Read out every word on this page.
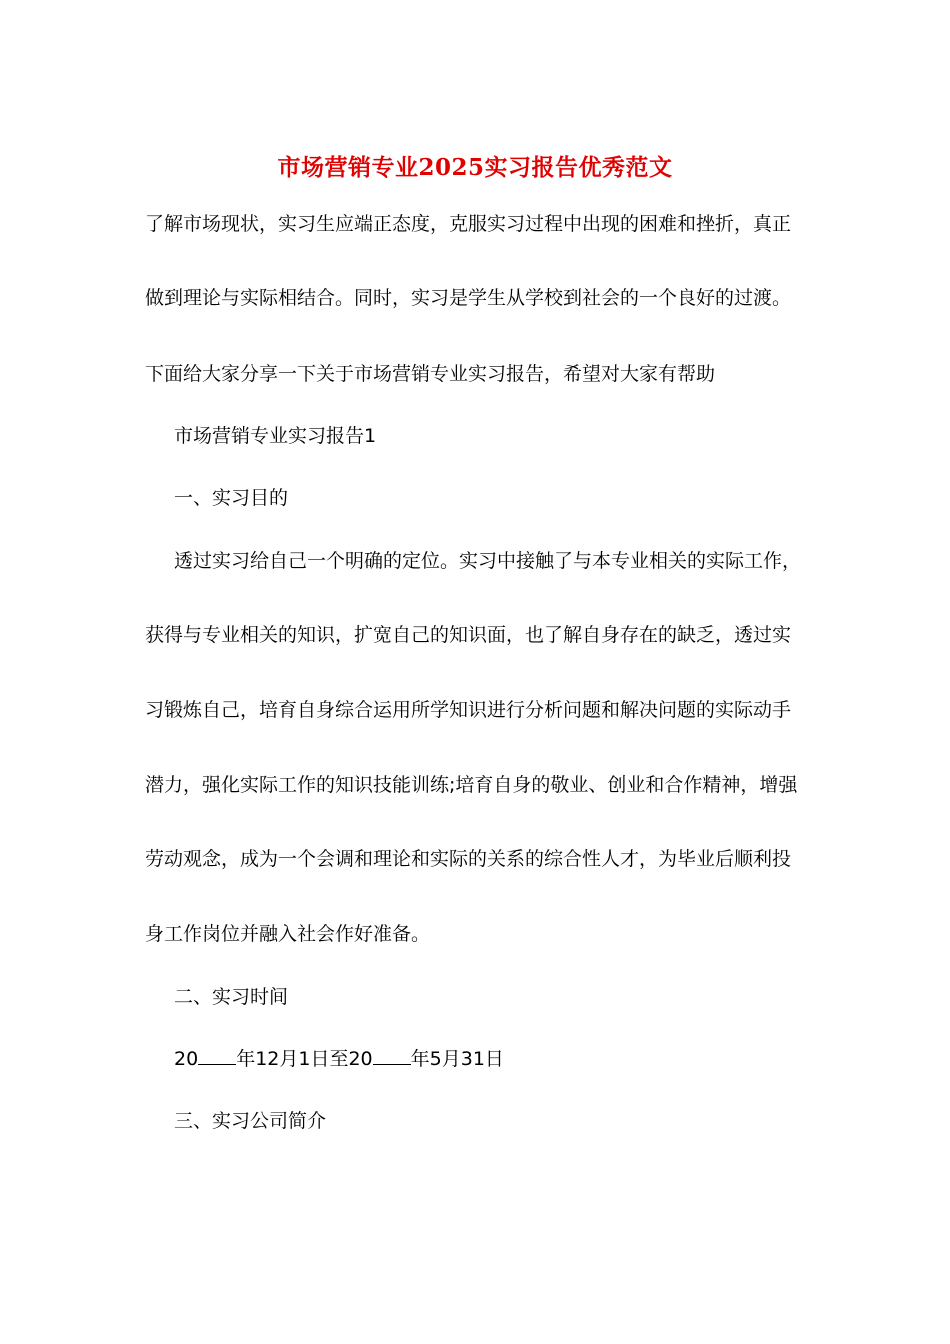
市场营销专业2025实习报告优秀范文
了解市场现状，实习生应端正态度，克服实习过程中出现的困难和挫折，真正
做到理论与实际相结合。同时，实习是学生从学校到社会的一个良好的过渡。
下面给大家分享一下关于市场营销专业实习报告，希望对大家有帮助
市场营销专业实习报告1
一、实习目的
透过实习给自己一个明确的定位。实习中接触了与本专业相关的实际工作，
获得与专业相关的知识，扩宽自己的知识面，也了解自身存在的缺乏，透过实
习锻炼自己，培育自身综合运用所学知识进行分析问题和解决问题的实际动手
潜力，强化实际工作的知识技能训练;培育自身的敬业、创业和合作精神，增强
劳动观念，成为一个会调和理论和实际的关系的综合性人才，为毕业后顺利投
身工作岗位并融入社会作好准备。
二、实习时间
20 年12月1日至20 年5月31日
三、实习公司简介
